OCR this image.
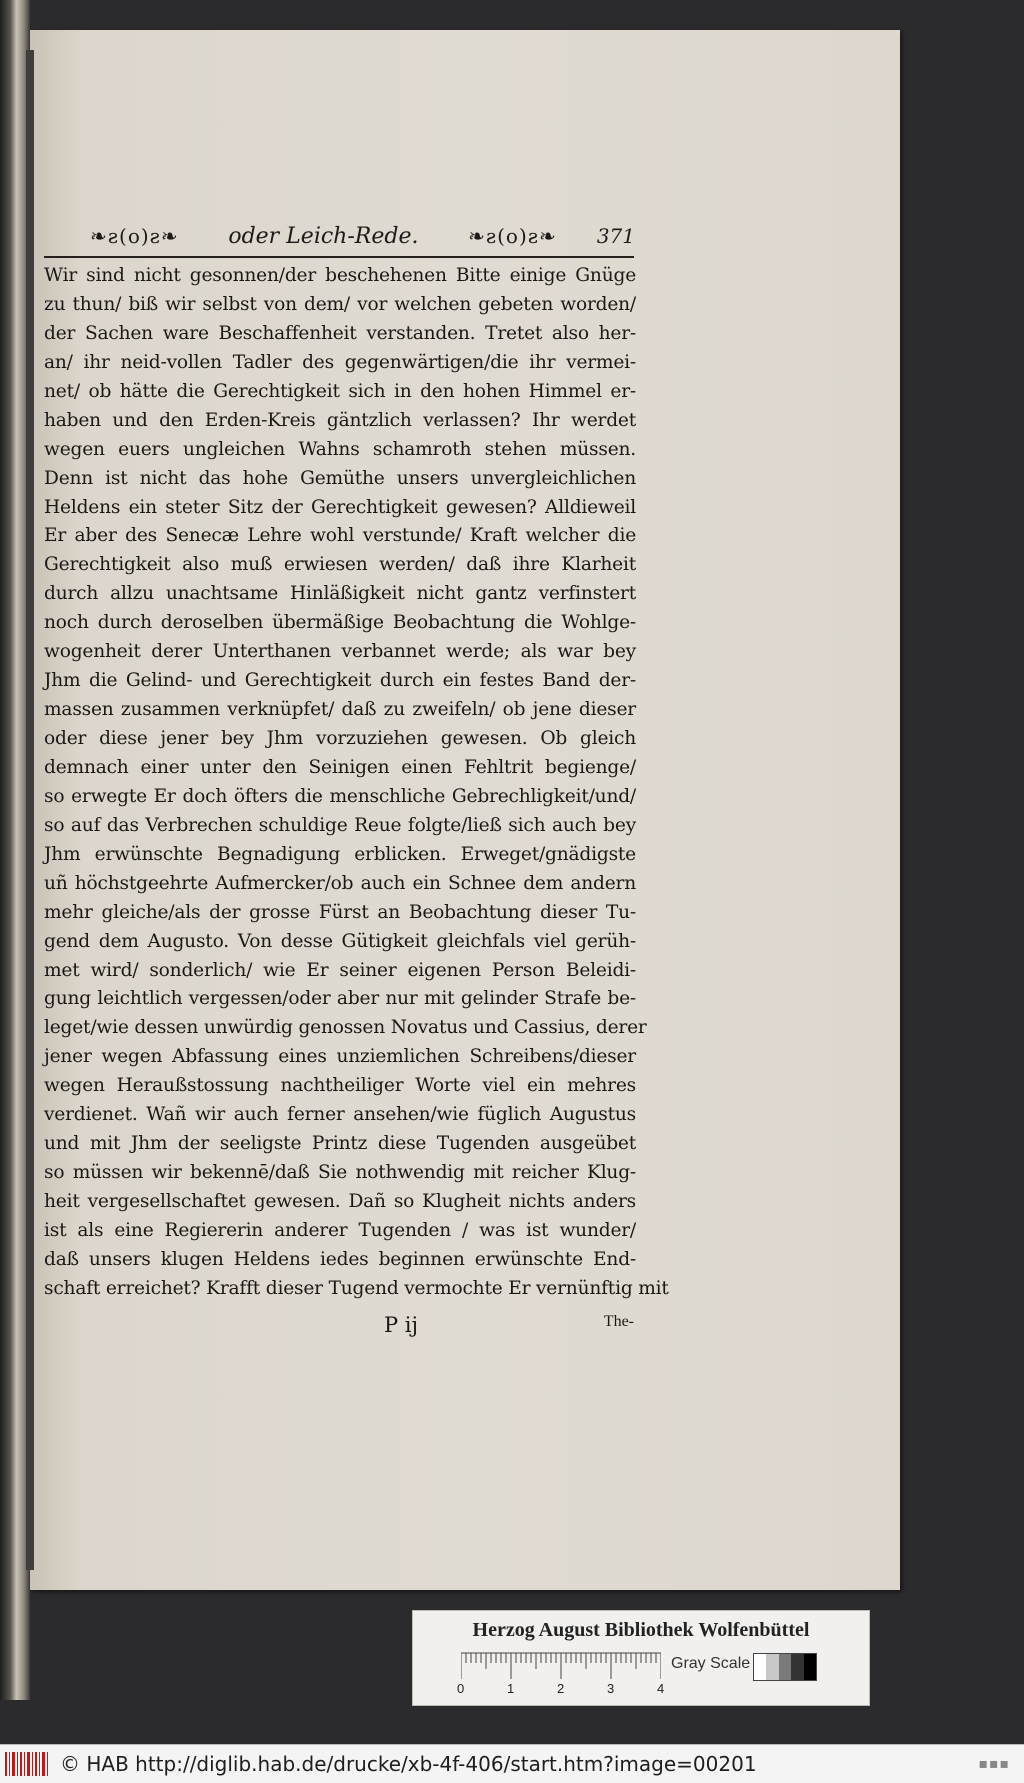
❧ƨ(o)ƨ❧	oder Leich-Rede.	❧ƨ(o)ƨ❧ 371
Wir sind nicht gesonnen/der beschehenen Bitte einige Gnüge
zu thun/ biß wir selbst von dem/ vor welchen gebeten worden/
der Sachen ware Beschaffenheit verstanden. Tretet also her-
an/ ihr neid-vollen Tadler des gegenwärtigen/die ihr vermei-
net/ ob hätte die Gerechtigkeit sich in den hohen Himmel er-
haben und den Erden-Kreis gäntzlich verlassen? Ihr werdet
wegen euers ungleichen Wahns schamroth stehen müssen.
Denn ist nicht das hohe Gemüthe unsers unvergleichlichen
Heldens ein steter Sitz der Gerechtigkeit gewesen? Alldieweil
Er aber des Senecæ Lehre wohl verstunde/ Kraft welcher die
Gerechtigkeit also muß erwiesen werden/ daß ihre Klarheit
durch allzu unachtsame Hinläßigkeit nicht gantz verfinstert
noch durch deroselben übermäßige Beobachtung die Wohlge-
wogenheit derer Unterthanen verbannet werde; als war bey
Jhm die Gelind- und Gerechtigkeit durch ein festes Band der-
massen zusammen verknüpfet/ daß zu zweifeln/ ob jene dieser
oder diese jener bey Jhm vorzuziehen gewesen. Ob gleich
demnach einer unter den Seinigen einen Fehltrit begienge/
so erwegte Er doch öfters die menschliche Gebrechligkeit/und/
so auf das Verbrechen schuldige Reue folgte/ließ sich auch bey
Jhm erwünschte Begnadigung erblicken. Erweget/gnädigste
uñ höchstgeehrte Aufmercker/ob auch ein Schnee dem andern
mehr gleiche/als der grosse Fürst an Beobachtung dieser Tu-
gend dem Augusto. Von desse Gütigkeit gleichfals viel gerüh-
met wird/ sonderlich/ wie Er seiner eigenen Person Beleidi-
gung leichtlich vergessen/oder aber nur mit gelinder Strafe be-
leget/wie dessen unwürdig genossen Novatus und Cassius, derer
jener wegen Abfassung eines unziemlichen Schreibens/dieser
wegen Heraußstossung nachtheiliger Worte viel ein mehres
verdienet. Wañ wir auch ferner ansehen/wie füglich Augustus
und mit Jhm der seeligste Printz diese Tugenden ausgeübet
so müssen wir bekennē/daß Sie nothwendig mit reicher Klug-
heit vergesellschaftet gewesen. Dañ so Klugheit nichts anders
ist als eine Regiererin anderer Tugenden / was ist wunder/
daß unsers klugen Heldens iedes beginnen erwünschte End-
schaft erreichet? Krafft dieser Tugend vermochte Er vernünftig mit
P ij	The-
Herzog August Bibliothek Wolfenbüttel
0	1	2	3	4
Gray Scale
© HAB http://diglib.hab.de/drucke/xb-4f-406/start.htm?image=00201	▪▪▪
